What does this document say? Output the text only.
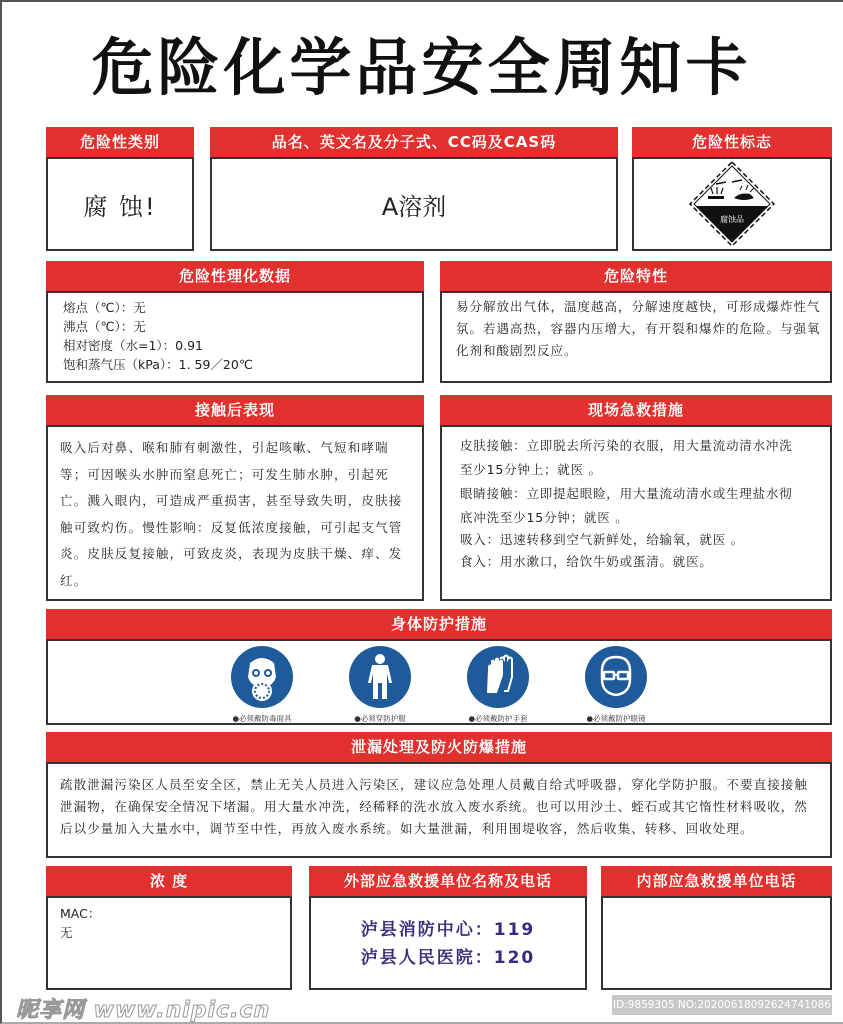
危险化学品安全周知卡
危险性类别
腐 蚀!
品名、英文名及分子式、CC码及CAS码
A溶剂
危险性标志
腐蚀品
危险性理化数据
熔点（℃）：无
沸点（℃）：无
相对密度（水=1）：0.91
饱和蒸气压（kPa）：1. 59／20℃
危险特性
易分解放出气体，温度越高，分解速度越快，可形成爆炸性气氛。若遇高热，容器内压增大，有开裂和爆炸的危险。与强氧化剂和酸剧烈反应。
接触后表现
吸入后对鼻、喉和肺有刺激性，引起咳嗽、气短和哮喘等；可因喉头水肿而窒息死亡；可发生肺水肿，引起死亡。溅入眼内，可造成严重损害，甚至导致失明，皮肤接触可致灼伤。慢性影响：反复低浓度接触，可引起支气管炎。皮肤反复接触，可致皮炎，表现为皮肤干燥、痒、发红。
现场急救措施
皮肤接触：立即脱去所污染的衣服，用大量流动清水冲洗
至少15分钟上；就医 。
眼睛接触：立即提起眼睑，用大量流动清水或生理盐水彻
底冲洗至少15分钟；就医 。
吸入：迅速转移到空气新鲜处，给输氧，就医 。
食入：用水漱口，给饮牛奶或蛋清。就医。
身体防护措施
●必须戴防毒面具	●必须穿防护服	●必须戴防护手套	●必须戴防护眼镜
泄漏处理及防火防爆措施
疏散泄漏污染区人员至安全区，禁止无关人员进入污染区，建议应急处理人员戴自给式呼吸器，穿化学防护服。不要直接接触泄漏物，在确保安全情况下堵漏。用大量水冲洗，经稀释的洗水放入废水系统。也可以用沙土、蛭石或其它惰性材料吸收，然后以少量加入大量水中，调节至中性，再放入废水系统。如大量泄漏，利用围堤收容，然后收集、转移、回收处理。
浓 度
MAC：
无
外部应急救援单位名称及电话
泸县消防中心：119
泸县人民医院：120
内部应急救援单位电话
昵享网 www.nipic.cn	ID:9859305 NO:20200618092624741086
